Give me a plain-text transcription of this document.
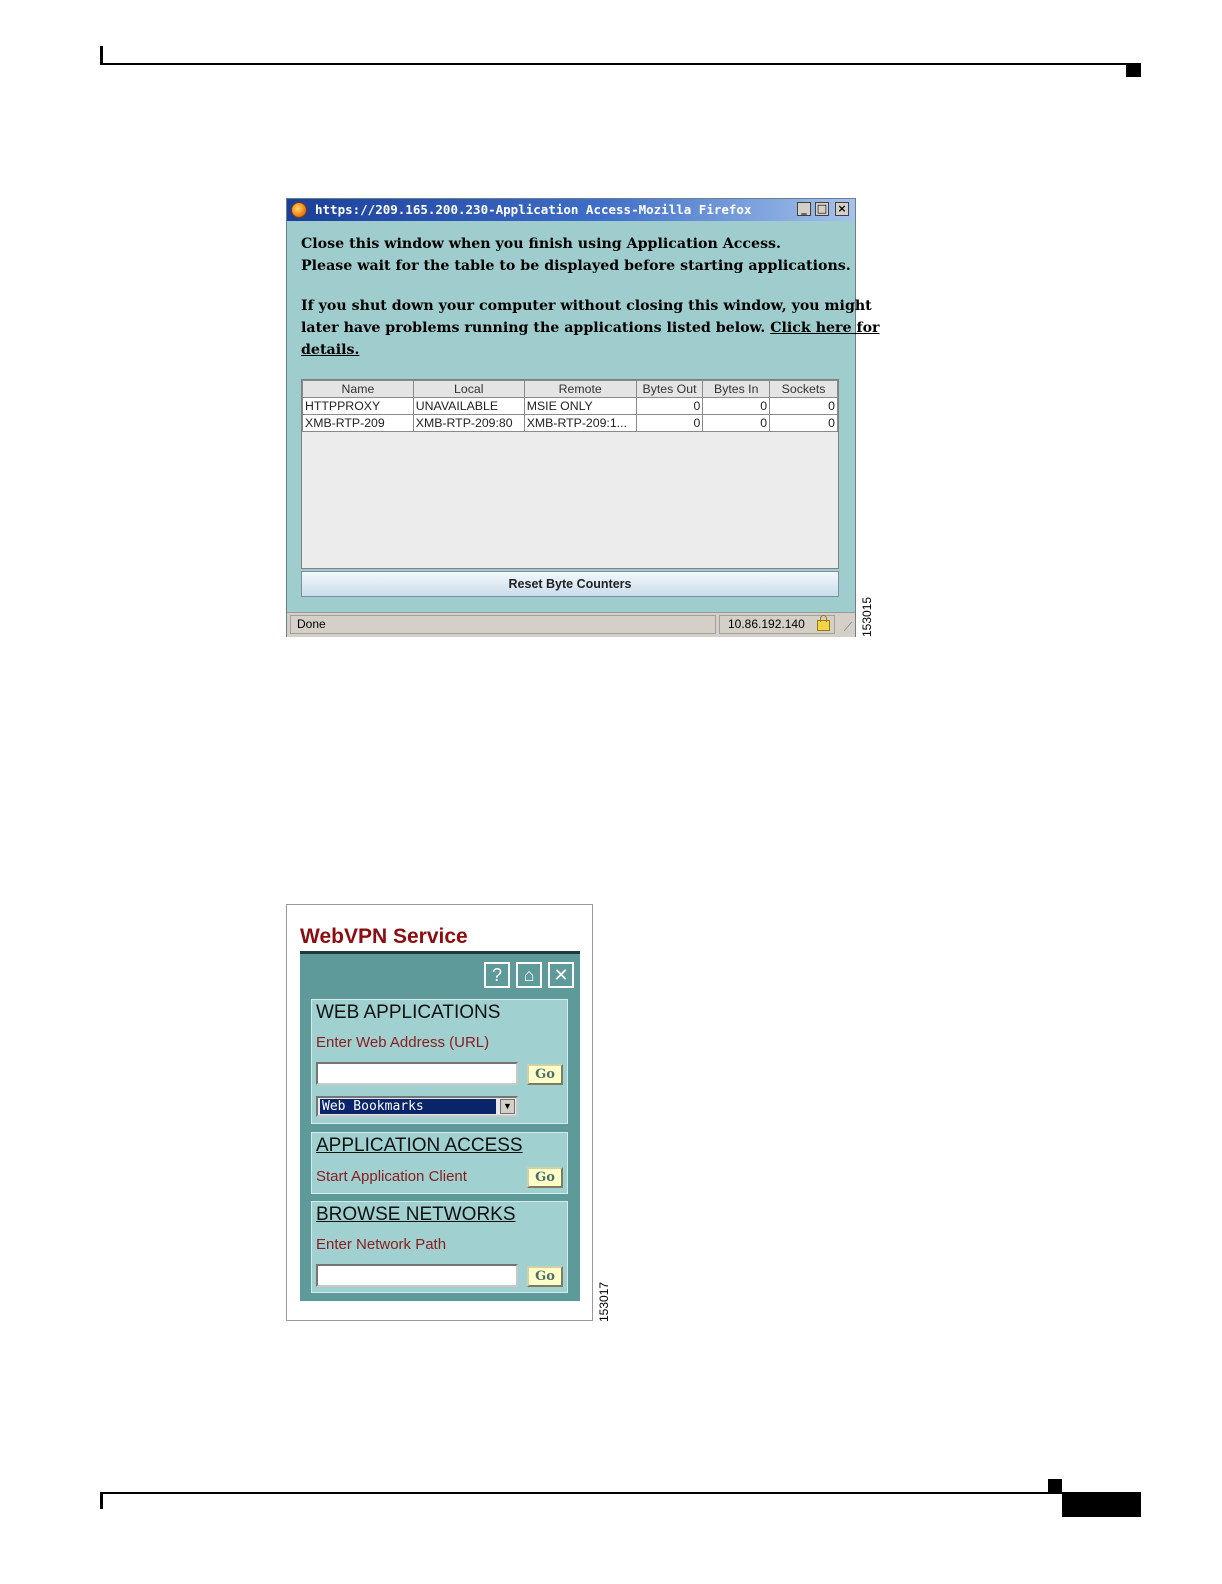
https://209.165.200.230-Application Access-Mozilla Firefox	_ □ ×
Close this window when you finish using Application Access.
Please wait for the table to be displayed before starting applications.
If you shut down your computer without closing this window, you might
later have problems running the applications listed below. Click here for
details.
Name	Local	Remote	Bytes Out	Bytes In	Sockets
HTTPPROXY	UNAVAILABLE	MSIE ONLY	0	0	0
XMB-RTP-209	XMB-RTP-209:80	XMB-RTP-209:1...	0	0	0
Reset Byte Counters
Done	10.86.192.140	⟋ 153015
WebVPN Service
?	⌂	✕
WEB APPLICATIONS
Enter Web Address (URL)
Go
Web Bookmarks	▼
APPLICATION ACCESS
Start Application Client	Go
BROWSE NETWORKS
Enter Network Path
Go
153017
